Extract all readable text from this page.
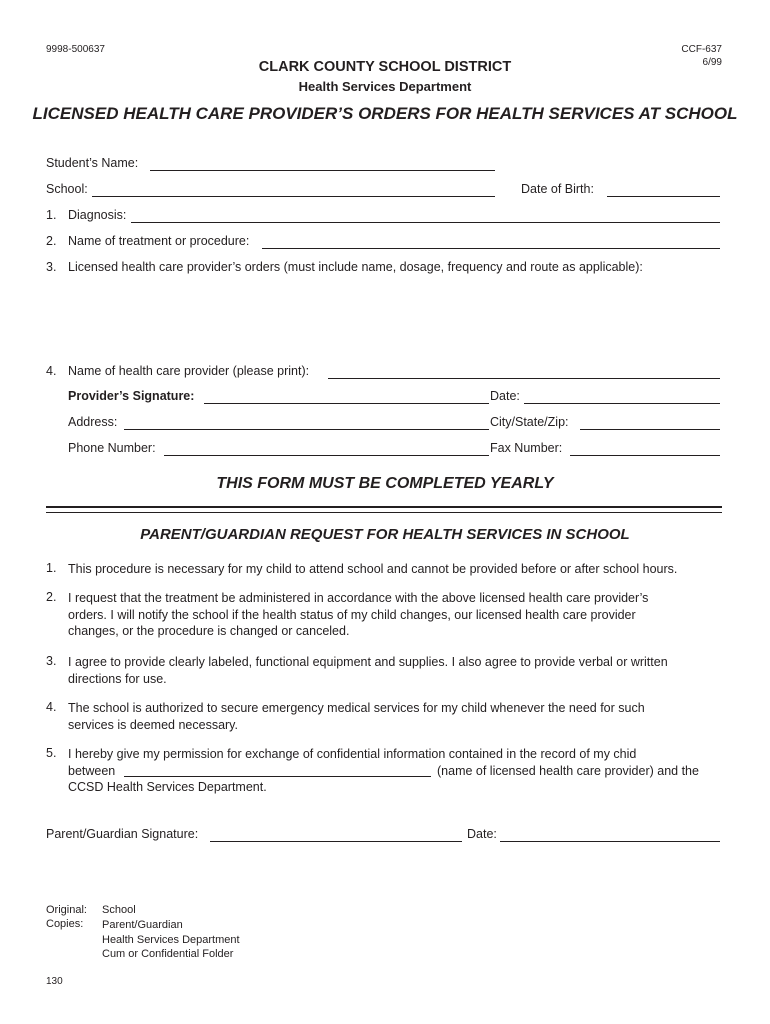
9998-500637	CCF-637
6/99
CLARK COUNTY SCHOOL DISTRICT
Health Services Department
LICENSED HEALTH CARE PROVIDER’S ORDERS FOR HEALTH SERVICES AT SCHOOL
Student’s Name:
School:	Date of Birth:
1. Diagnosis:
2. Name of treatment or procedure:
3. Licensed health care provider’s orders (must include name, dosage, frequency and route as applicable):
4. Name of health care provider (please print):
Provider’s Signature:	Date:
Address:	City/State/Zip:
Phone Number:	Fax Number:
THIS FORM MUST BE COMPLETED YEARLY
PARENT/GUARDIAN REQUEST FOR HEALTH SERVICES IN SCHOOL
1. This procedure is necessary for my child to attend school and cannot be provided before or after school hours.
2. I request that the treatment be administered in accordance with the above licensed health care provider’s
orders. I will notify the school if the health status of my child changes, our licensed health care provider
changes, or the procedure is changed or canceled.
3. I agree to provide clearly labeled, functional equipment and supplies. I also agree to provide verbal or written
directions for use.
4. The school is authorized to secure emergency medical services for my child whenever the need for such
services is deemed necessary.
5. I hereby give my permission for exchange of confidential information contained in the record of my chid
between	(name of licensed health care provider) and the
CCSD Health Services Department.
Parent/Guardian Signature:	Date:
Original: School
Copies: Parent/Guardian
Health Services Department
Cum or Confidential Folder
130
